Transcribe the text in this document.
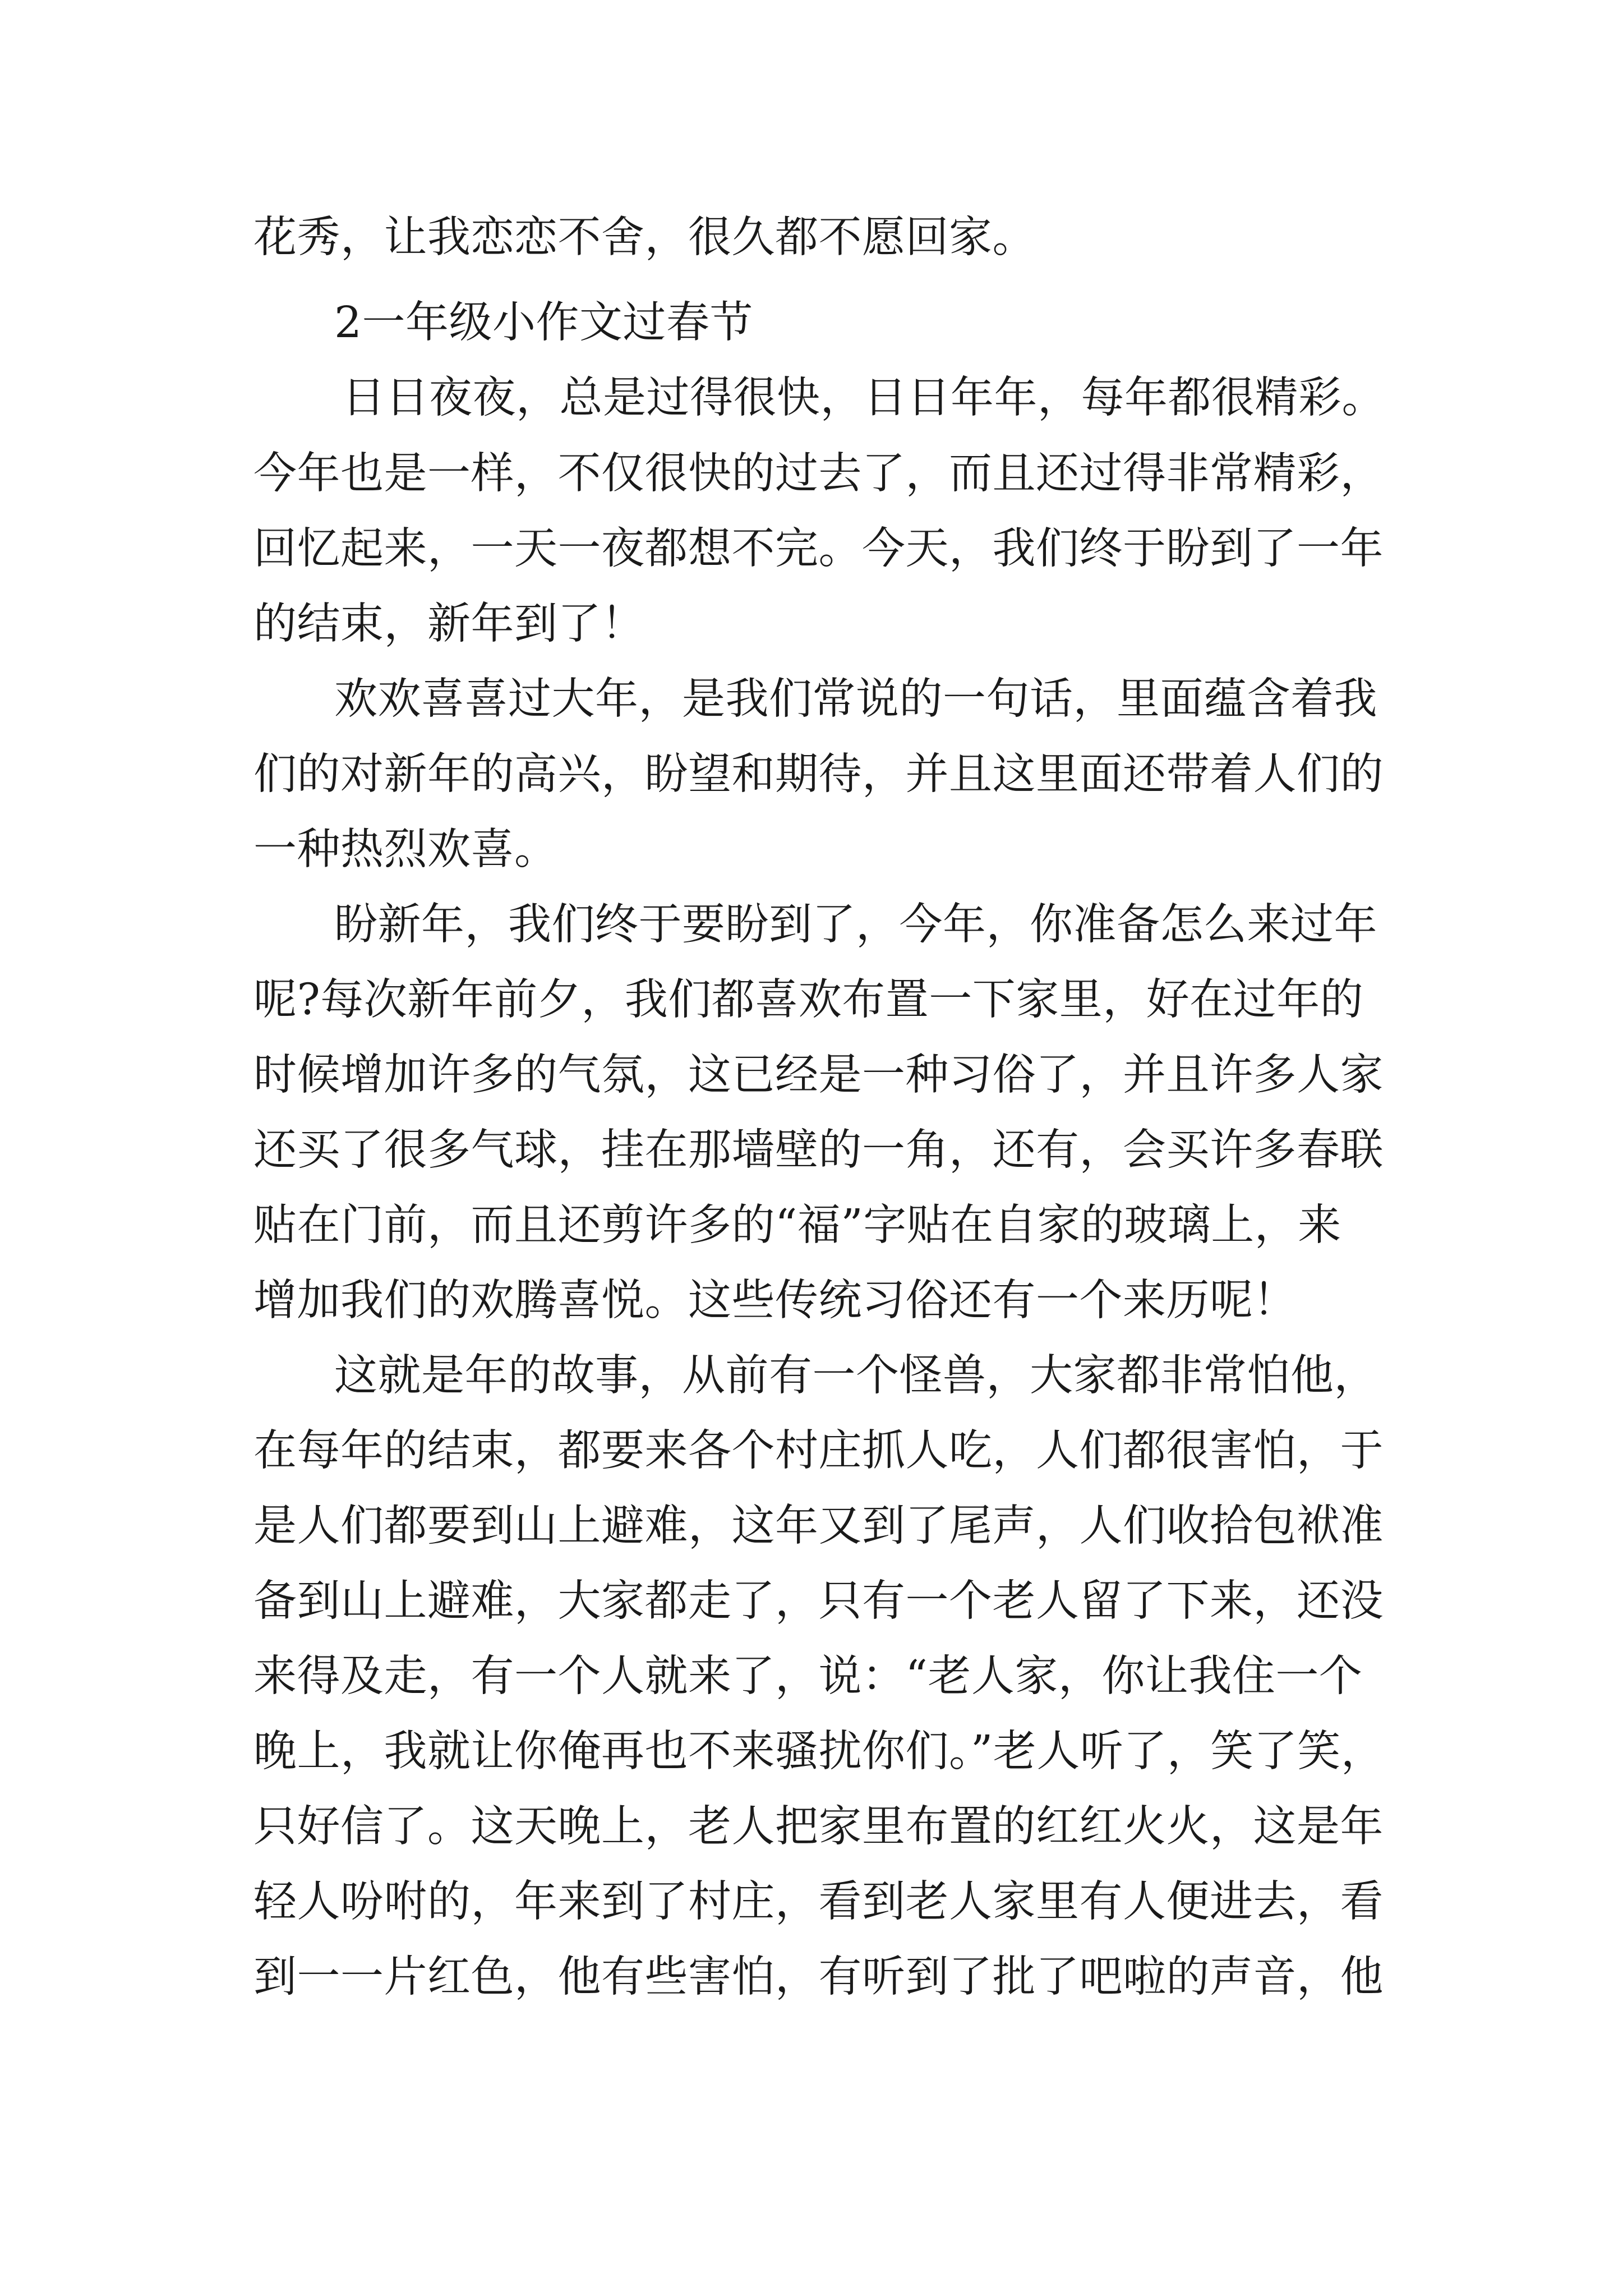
花秀，让我恋恋不舍，很久都不愿回家。
2一年级小作文过春节
日日夜夜，总是过得很快，日日年年，每年都很精彩。
今年也是一样，不仅很快的过去了，而且还过得非常精彩，
回忆起来，一天一夜都想不完。今天，我们终于盼到了一年
的结束，新年到了！
欢欢喜喜过大年，是我们常说的一句话，里面蕴含着我
们的对新年的高兴，盼望和期待，并且这里面还带着人们的
一种热烈欢喜。
盼新年，我们终于要盼到了，今年，你准备怎么来过年
呢?每次新年前夕，我们都喜欢布置一下家里，好在过年的
时候增加许多的气氛，这已经是一种习俗了，并且许多人家
还买了很多气球，挂在那墙壁的一角，还有，会买许多春联
贴在门前，而且还剪许多的“福”字贴在自家的玻璃上，来
增加我们的欢腾喜悦。这些传统习俗还有一个来历呢！
这就是年的故事，从前有一个怪兽，大家都非常怕他，
在每年的结束，都要来各个村庄抓人吃，人们都很害怕，于
是人们都要到山上避难，这年又到了尾声，人们收拾包袱准
备到山上避难，大家都走了，只有一个老人留了下来，还没
来得及走，有一个人就来了，说：“老人家，你让我住一个
晚上，我就让你俺再也不来骚扰你们。”老人听了，笑了笑，
只好信了。这天晚上，老人把家里布置的红红火火，这是年
轻人吩咐的，年来到了村庄，看到老人家里有人便进去，看
到一一片红色，他有些害怕，有听到了批了吧啦的声音，他
